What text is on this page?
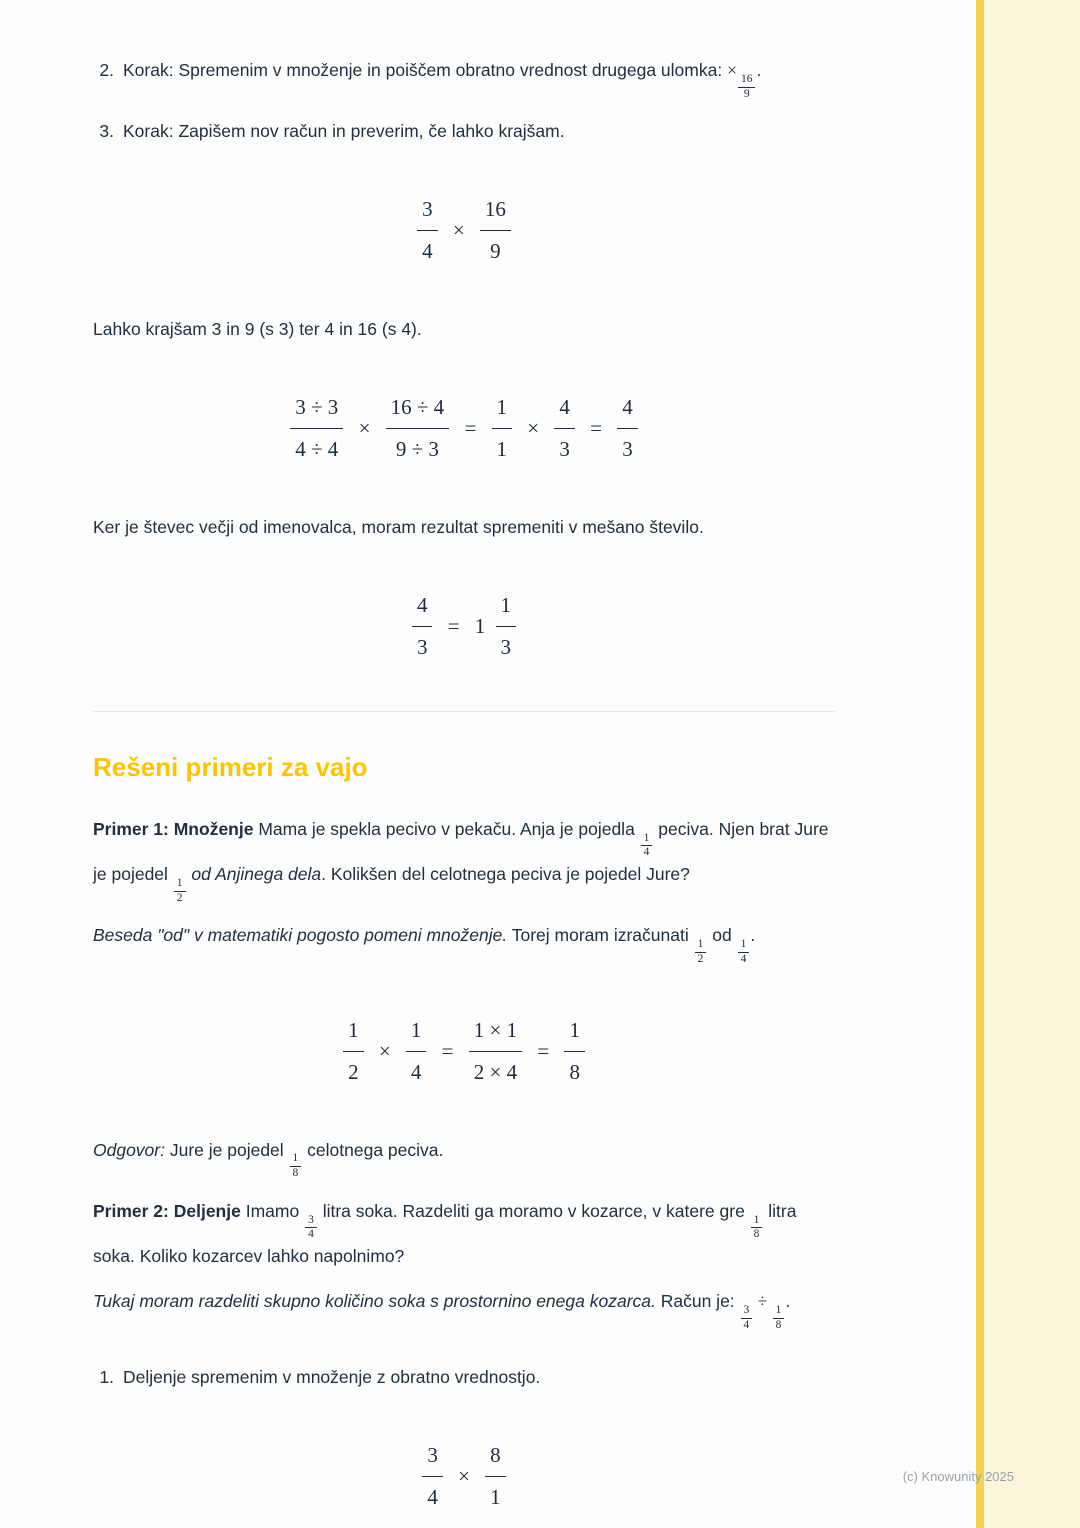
2. Korak: Spremenim v množenje in poiščem obratno vrednost drugega ulomka: ×
$\frac{16}{9}$
.
3. Korak: Zapišem nov račun in preverim, če lahko krajšam.
$\frac{3}{4} \times \frac{16}{9}$

Lahko krajšam 3 in 9 (s 3) ter 4 in 16 (s 4).

$\frac{3 \div 3}{4 \div 4} \times \frac{16 \div 4}{9 \div 3} = \frac{1}{1} \times \frac{4}{3} = \frac{4}{3}$

Ker je števec večji od imenovalca, moram rezultat spremeniti v mešano število.

$\frac{4}{3} = 1 \frac{1}{3}$
Rešeni primeri za vajo

Primer 1: Množenje Mama je spekla pecivo v pekaču. Anja je pojedla
$\frac{1}{4}$
peciva. Njen brat Jure je pojedel
$\frac{1}{2}$
od Anjinega dela. Kolikšen del celotnega peciva je pojedel Jure?

Beseda "od" v matematiki pogosto pomeni množenje. Torej moram izračunati
$\frac{1}{2}$
od
$\frac{1}{4}$
.

$\frac{1}{2} \times \frac{1}{4} = \frac{1 \times 1}{2 \times 4} = \frac{1}{8}$

Odgovor: Jure je pojedel
$\frac{1}{8}$
celotnega peciva.

Primer 2: Deljenje Imamo
$\frac{3}{4}$
litra soka. Razdeliti ga moramo v kozarce, v katere gre
$\frac{1}{8}$
litra soka. Koliko kozarcev lahko napolnimo?

Tukaj moram razdeliti skupno količino soka s prostornino enega kozarca. Račun je:
$\frac{3}{4}$
÷
$\frac{1}{8}$
.

1. Deljenje spremenim v množenje z obratno vrednostjo.
$\frac{3}{4} \times \frac{8}{1}$	(c) Knowunity 2025
